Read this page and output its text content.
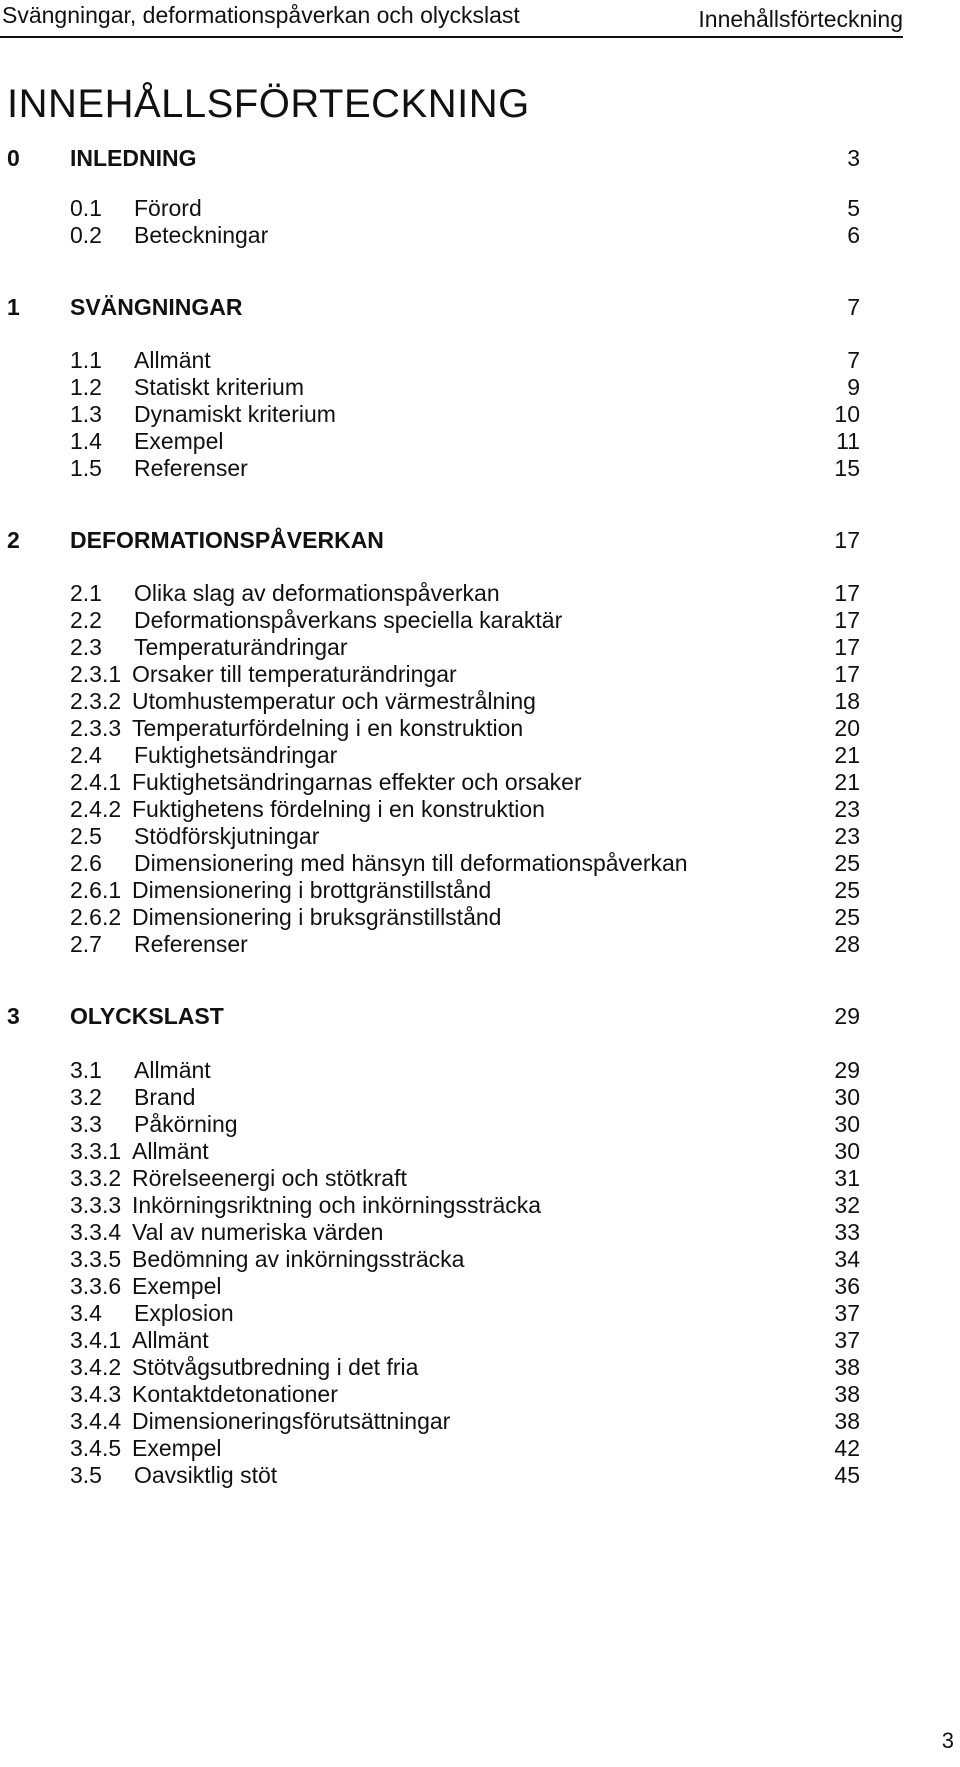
Svängningar, deformationspåverkan och olyckslast	Innehållsförteckning
INNEHÅLLSFÖRTECKNING
0 INLEDNING	3
0.1 Förord	5
0.2 Beteckningar	6
1 SVÄNGNINGAR	7
1.1 Allmänt	7
1.2 Statiskt kriterium	9
1.3 Dynamiskt kriterium	10
1.4 Exempel	11
1.5 Referenser	15
2 DEFORMATIONSPÅVERKAN	17
2.1 Olika slag av deformationspåverkan	17
2.2 Deformationspåverkans speciella karaktär	17
2.3 Temperaturändringar	17
2.3.1 Orsaker till temperaturändringar	17
2.3.2 Utomhustemperatur och värmestrålning	18
2.3.3 Temperaturfördelning i en konstruktion	20
2.4 Fuktighetsändringar	21
2.4.1 Fuktighetsändringarnas effekter och orsaker	21
2.4.2 Fuktighetens fördelning i en konstruktion	23
2.5 Stödförskjutningar	23
2.6 Dimensionering med hänsyn till deformationspåverkan	25
2.6.1 Dimensionering i brottgränstillstånd	25
2.6.2 Dimensionering i bruksgränstillstånd	25
2.7 Referenser	28
3 OLYCKSLAST	29
3.1 Allmänt	29
3.2 Brand	30
3.3 Påkörning	30
3.3.1 Allmänt	30
3.3.2 Rörelseenergi och stötkraft	31
3.3.3 Inkörningsriktning och inkörningssträcka	32
3.3.4 Val av numeriska värden	33
3.3.5 Bedömning av inkörningssträcka	34
3.3.6 Exempel	36
3.4 Explosion	37
3.4.1 Allmänt	37
3.4.2 Stötvågsutbredning i det fria	38
3.4.3 Kontaktdetonationer	38
3.4.4 Dimensioneringsförutsättningar	38
3.4.5 Exempel	42
3.5 Oavsiktlig stöt	45
3
